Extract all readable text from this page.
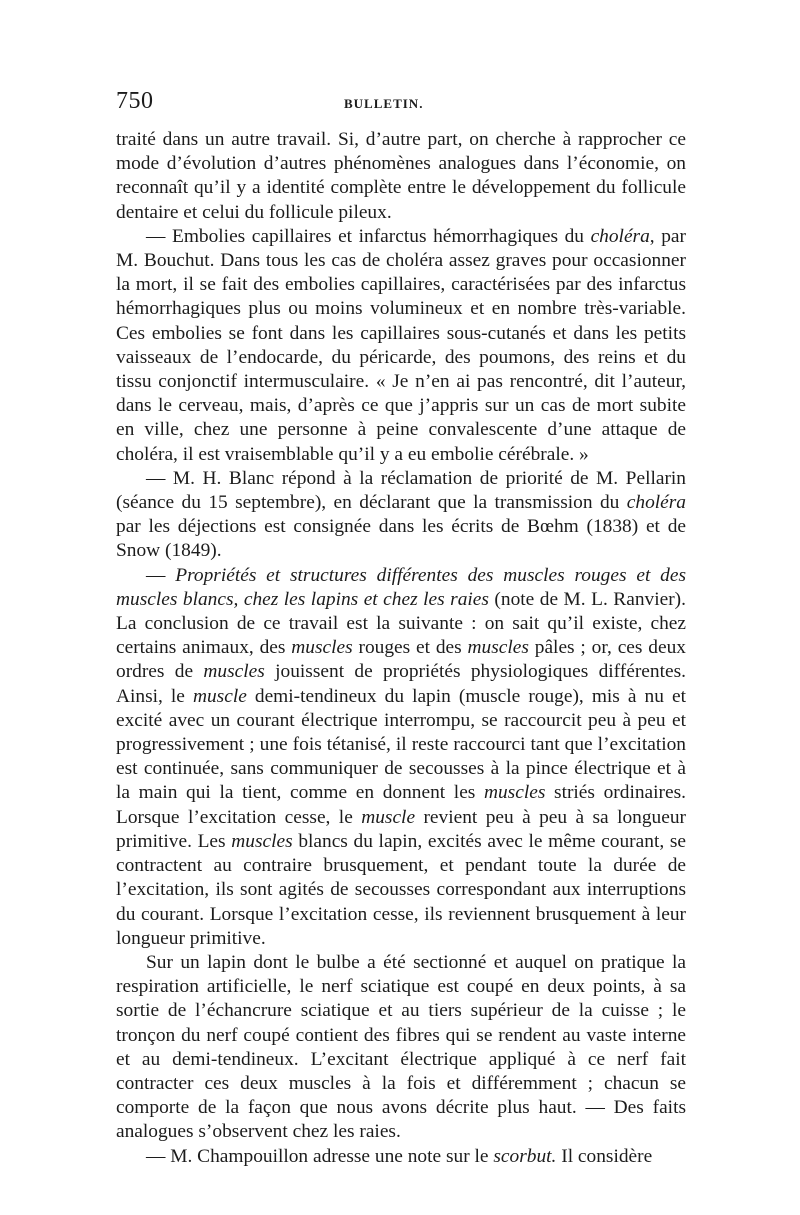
750	BULLETIN.

traité dans un autre travail. Si, d’autre part, on cherche à rapprocher ce mode d’évolution d’autres phénomènes analogues dans l’économie, on reconnaît qu’il y a identité complète entre le développement du follicule dentaire et celui du follicule pileux.

— Embolies capillaires et infarctus hémorrhagiques du choléra, par M. Bouchut. Dans tous les cas de choléra assez graves pour occasionner la mort, il se fait des embolies capillaires, caractérisées par des infarctus hémorrhagiques plus ou moins volumineux et en nombre très-variable. Ces embolies se font dans les capillaires sous-cutanés et dans les petits vaisseaux de l’endocarde, du péricarde, des poumons, des reins et du tissu conjonctif intermusculaire. « Je n’en ai pas rencontré, dit l’auteur, dans le cerveau, mais, d’après ce que j’appris sur un cas de mort subite en ville, chez une personne à peine convalescente d’une attaque de choléra, il est vraisemblable qu’il y a eu embolie cérébrale. »

— M. H. Blanc répond à la réclamation de priorité de M. Pellarin (séance du 15 septembre), en déclarant que la transmission du choléra par les déjections est consignée dans les écrits de Bœhm (1838) et de Snow (1849).

— Propriétés et structures différentes des muscles rouges et des muscles blancs, chez les lapins et chez les raies (note de M. L. Ranvier). La conclusion de ce travail est la suivante : on sait qu’il existe, chez certains animaux, des muscles rouges et des muscles pâles ; or, ces deux ordres de muscles jouissent de propriétés physiologiques différentes. Ainsi, le muscle demi-tendineux du lapin (muscle rouge), mis à nu et excité avec un courant électrique interrompu, se raccourcit peu à peu et progressivement ; une fois tétanisé, il reste raccourci tant que l’excitation est continuée, sans communiquer de secousses à la pince électrique et à la main qui la tient, comme en donnent les muscles striés ordinaires. Lorsque l’excitation cesse, le muscle revient peu à peu à sa longueur primitive. Les muscles blancs du lapin, excités avec le même courant, se contractent au contraire brusquement, et pendant toute la durée de l’excitation, ils sont agités de secousses correspondant aux interruptions du courant. Lorsque l’excitation cesse, ils reviennent brusquement à leur longueur primitive.

Sur un lapin dont le bulbe a été sectionné et auquel on pratique la respiration artificielle, le nerf sciatique est coupé en deux points, à sa sortie de l’échancrure sciatique et au tiers supérieur de la cuisse ; le tronçon du nerf coupé contient des fibres qui se rendent au vaste interne et au demi-tendineux. L’excitant électrique appliqué à ce nerf fait contracter ces deux muscles à la fois et différemment ; chacun se comporte de la façon que nous avons décrite plus haut. — Des faits analogues s’observent chez les raies.

— M. Champouillon adresse une note sur le scorbut. Il considère
